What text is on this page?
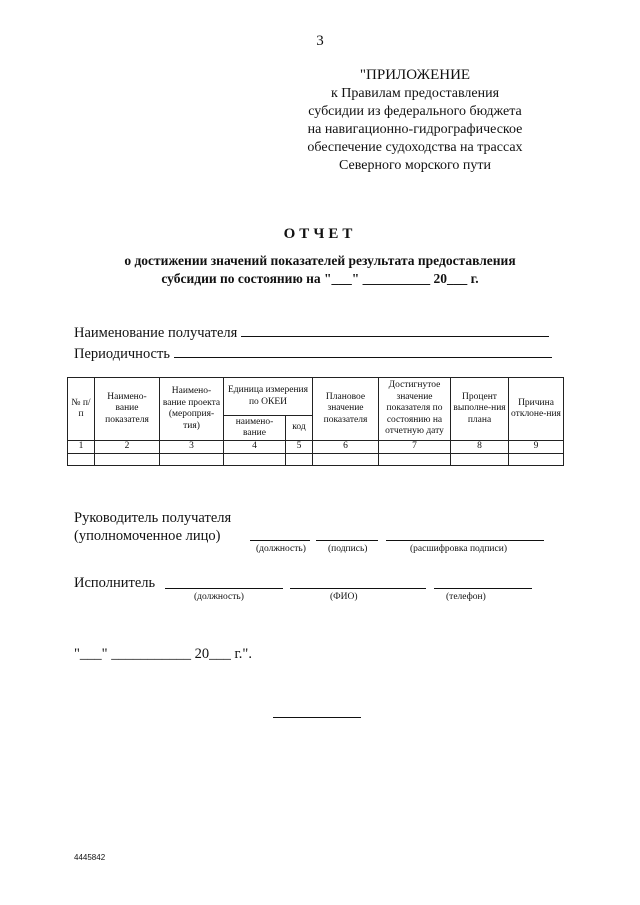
3
"ПРИЛОЖЕНИЕ
к Правилам предоставления
субсидии из федерального бюджета
на навигационно-гидрографическое
обеспечение судоходства на трассах
Северного морского пути
ОТЧЕТ
о достижении значений показателей результата предоставления
субсидии по состоянию на "___" __________ 20___ г.
Наименование получателя
Периодичность
№ п/п	Наимено-вание показателя	Наимено-вание проекта (мероприя-тия)	Единица измерения по ОКЕИ		Плановое значение показателя	Достигнутое значение показателя по состоянию на отчетную дату	Процент выполне-ния плана	Причина отклоне-ния
			наимено-вание	код				
1	2	3	4	5	6	7	8	9

Руководитель получателя
(уполномоченное лицо)
(должность) (подпись)	(расшифровка подписи)
Исполнитель
(должность)	(ФИО)	(телефон)
"___" ___________ 20___ г.".
4445842
